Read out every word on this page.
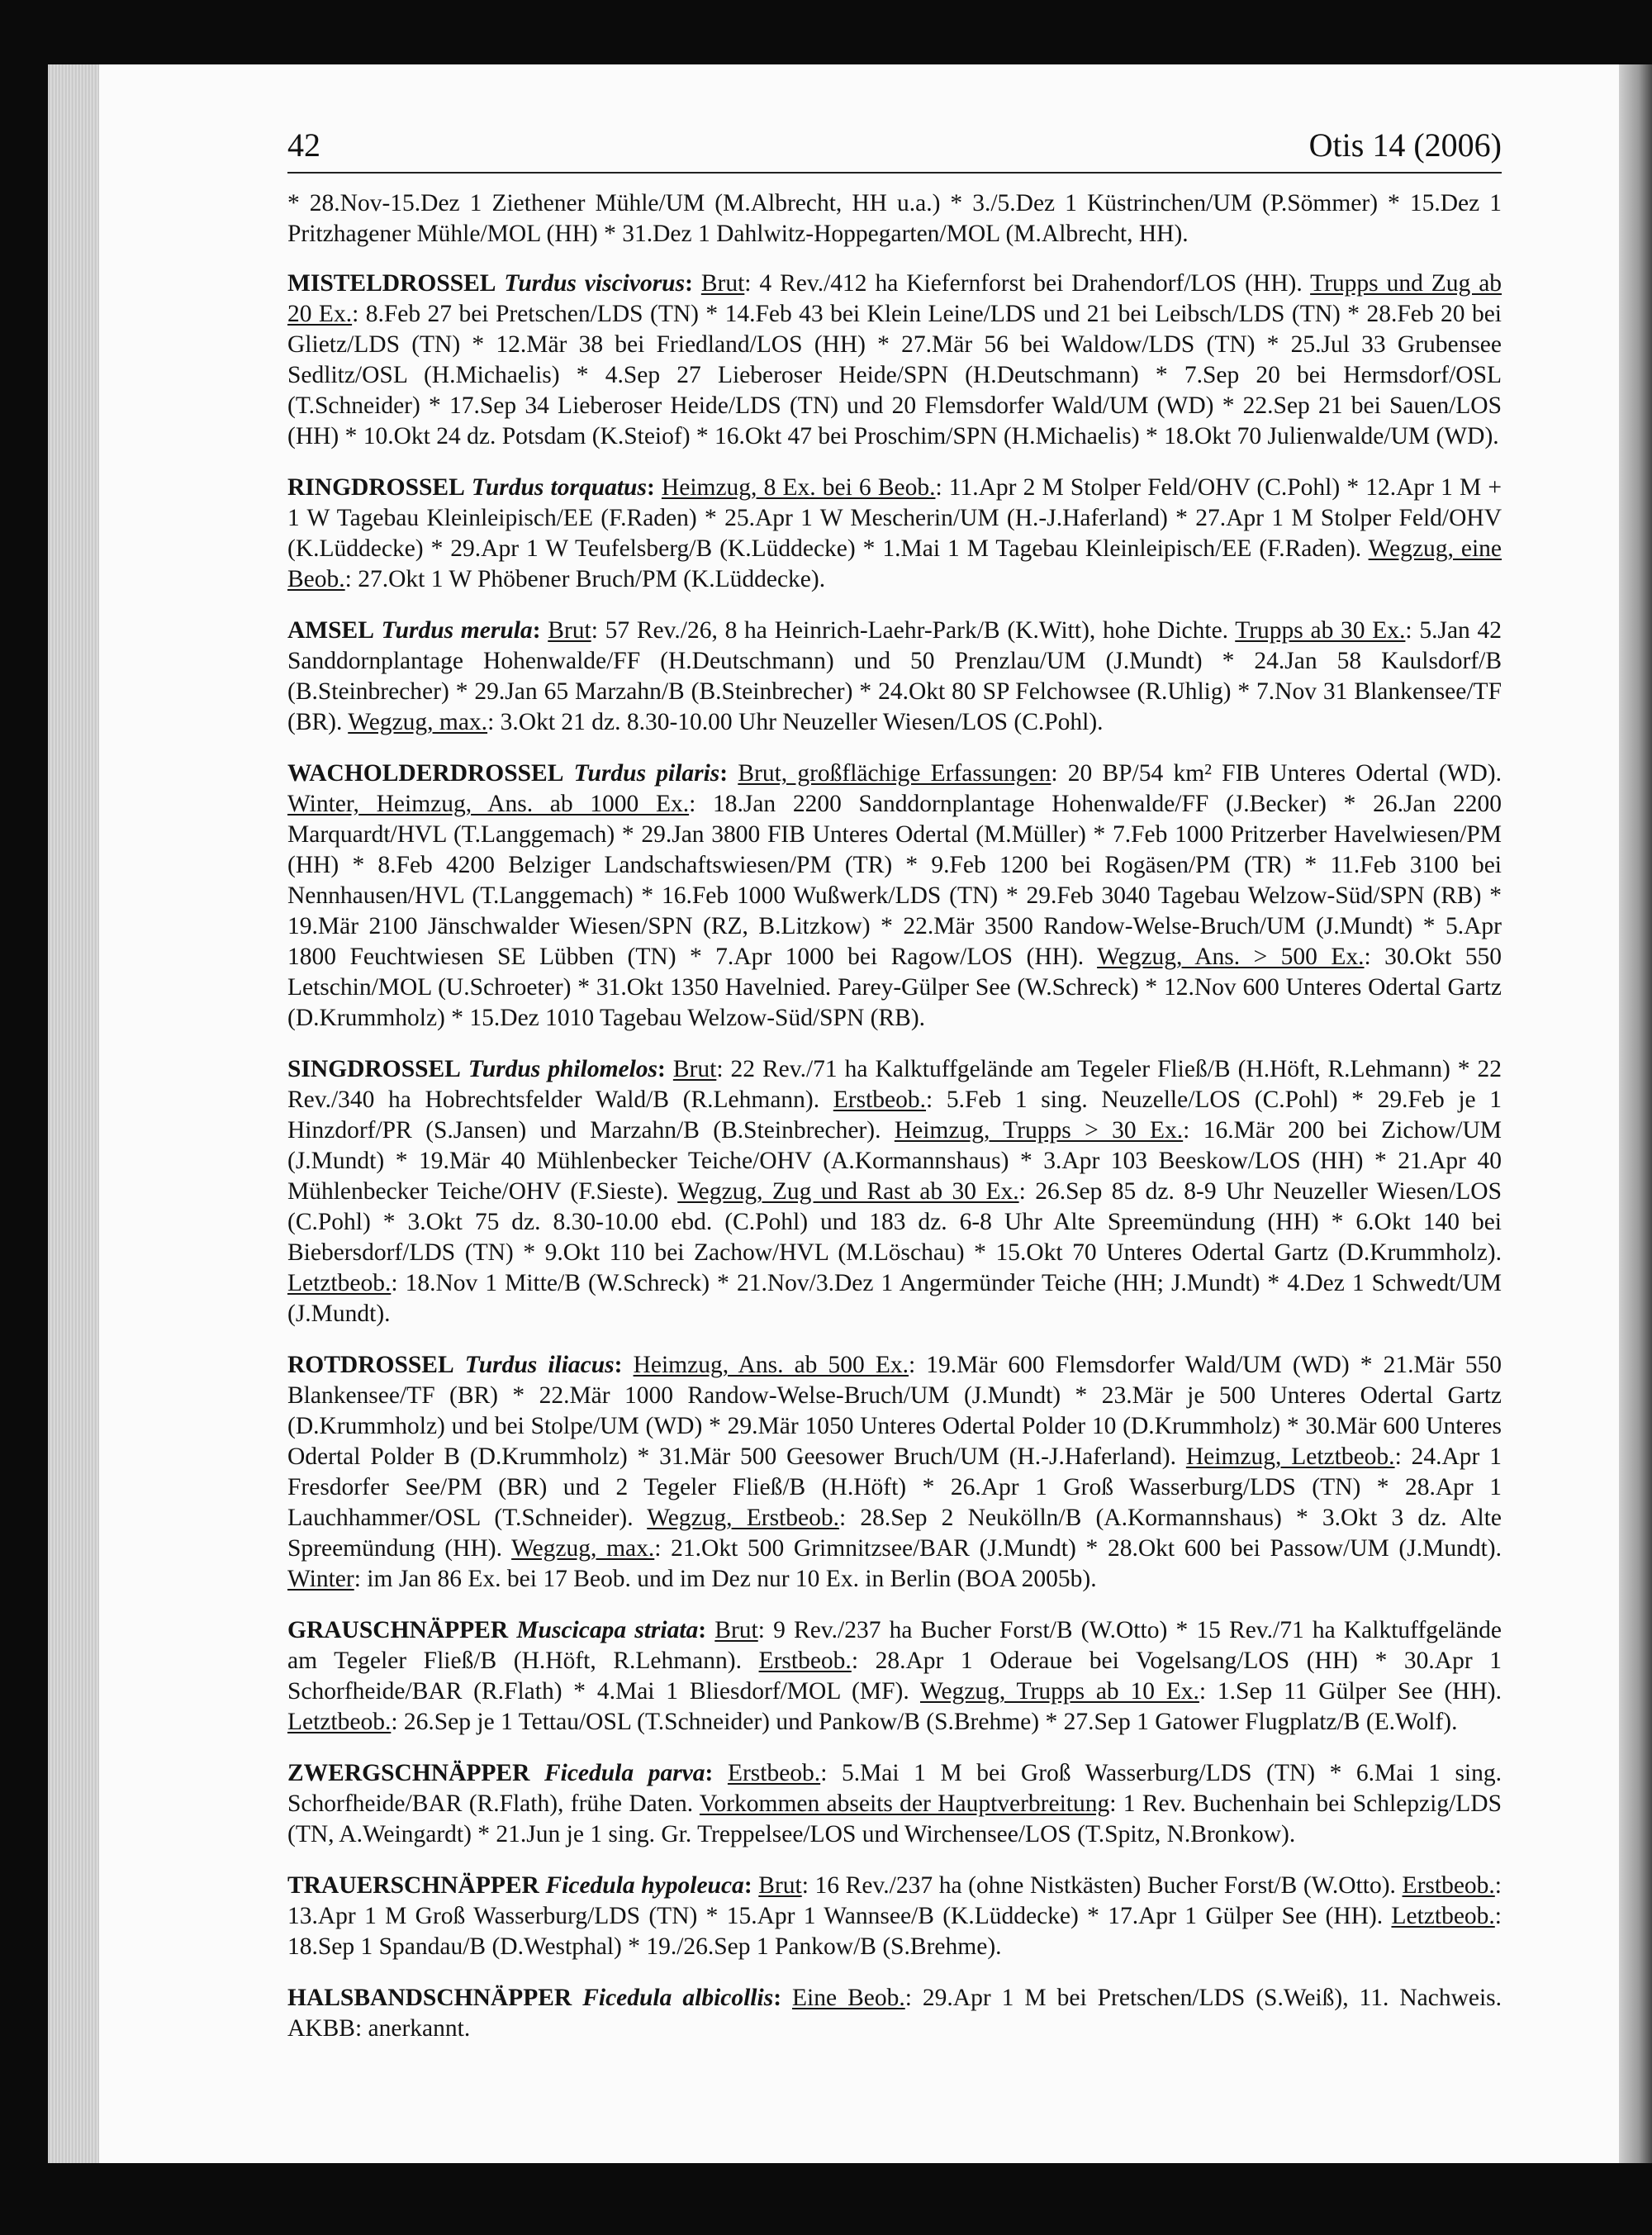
42	Otis 14 (2006)

* 28.Nov-15.Dez 1 Ziethener Mühle/UM (M.Albrecht, HH u.a.) * 3./5.Dez 1 Küstrinchen/UM (P.Sömmer) * 15.Dez 1 Pritzhagener Mühle/MOL (HH) * 31.Dez 1 Dahlwitz-Hoppegarten/MOL (M.Albrecht, HH).

MISTELDROSSEL Turdus viscivorus: Brut: 4 Rev./412 ha Kiefernforst bei Drahendorf/LOS (HH). Trupps und Zug ab 20 Ex.: 8.Feb 27 bei Pretschen/LDS (TN) * 14.Feb 43 bei Klein Leine/LDS und 21 bei Leibsch/LDS (TN) * 28.Feb 20 bei Glietz/LDS (TN) * 12.Mär 38 bei Friedland/LOS (HH) * 27.Mär 56 bei Waldow/LDS (TN) * 25.Jul 33 Grubensee Sedlitz/OSL (H.Michaelis) * 4.Sep 27 Lieberoser Heide/SPN (H.Deutschmann) * 7.Sep 20 bei Hermsdorf/OSL (T.Schneider) * 17.Sep 34 Lieberoser Heide/LDS (TN) und 20 Flemsdorfer Wald/UM (WD) * 22.Sep 21 bei Sauen/LOS (HH) * 10.Okt 24 dz. Potsdam (K.Steiof) * 16.Okt 47 bei Proschim/SPN (H.Michaelis) * 18.Okt 70 Julienwalde/UM (WD).

RINGDROSSEL Turdus torquatus: Heimzug, 8 Ex. bei 6 Beob.: 11.Apr 2 M Stolper Feld/OHV (C.Pohl) * 12.Apr 1 M + 1 W Tagebau Kleinleipisch/EE (F.Raden) * 25.Apr 1 W Mescherin/UM (H.-J.Haferland) * 27.Apr 1 M Stolper Feld/OHV (K.Lüddecke) * 29.Apr 1 W Teufelsberg/B (K.Lüddecke) * 1.Mai 1 M Tagebau Kleinleipisch/EE (F.Raden). Wegzug, eine Beob.: 27.Okt 1 W Phöbener Bruch/PM (K.Lüddecke).

AMSEL Turdus merula: Brut: 57 Rev./26, 8 ha Heinrich-Laehr-Park/B (K.Witt), hohe Dichte. Trupps ab 30 Ex.: 5.Jan 42 Sanddornplantage Hohenwalde/FF (H.Deutschmann) und 50 Prenzlau/UM (J.Mundt) * 24.Jan 58 Kaulsdorf/B (B.Steinbrecher) * 29.Jan 65 Marzahn/B (B.Steinbrecher) * 24.Okt 80 SP Felchowsee (R.Uhlig) * 7.Nov 31 Blankensee/TF (BR). Wegzug, max.: 3.Okt 21 dz. 8.30-10.00 Uhr Neuzeller Wiesen/LOS (C.Pohl).

WACHOLDERDROSSEL Turdus pilaris: Brut, großflächige Erfassungen: 20 BP/54 km² FIB Unteres Odertal (WD). Winter, Heimzug, Ans. ab 1000 Ex.: 18.Jan 2200 Sanddornplantage Hohenwalde/FF (J.Becker) * 26.Jan 2200 Marquardt/HVL (T.Langgemach) * 29.Jan 3800 FIB Unteres Odertal (M.Müller) * 7.Feb 1000 Pritzerber Havelwiesen/PM (HH) * 8.Feb 4200 Belziger Landschaftswiesen/PM (TR) * 9.Feb 1200 bei Rogäsen/PM (TR) * 11.Feb 3100 bei Nennhausen/HVL (T.Langgemach) * 16.Feb 1000 Wußwerk/LDS (TN) * 29.Feb 3040 Tagebau Welzow-Süd/SPN (RB) * 19.Mär 2100 Jänschwalder Wiesen/SPN (RZ, B.Litzkow) * 22.Mär 3500 Randow-Welse-Bruch/UM (J.Mundt) * 5.Apr 1800 Feuchtwiesen SE Lübben (TN) * 7.Apr 1000 bei Ragow/LOS (HH). Wegzug, Ans. > 500 Ex.: 30.Okt 550 Letschin/MOL (U.Schroeter) * 31.Okt 1350 Havelnied. Parey-Gülper See (W.Schreck) * 12.Nov 600 Unteres Odertal Gartz (D.Krummholz) * 15.Dez 1010 Tagebau Welzow-Süd/SPN (RB).

SINGDROSSEL Turdus philomelos: Brut: 22 Rev./71 ha Kalktuffgelände am Tegeler Fließ/B (H.Höft, R.Lehmann) * 22 Rev./340 ha Hobrechtsfelder Wald/B (R.Lehmann). Erstbeob.: 5.Feb 1 sing. Neuzelle/LOS (C.Pohl) * 29.Feb je 1 Hinzdorf/PR (S.Jansen) und Marzahn/B (B.Steinbrecher). Heimzug, Trupps > 30 Ex.: 16.Mär 200 bei Zichow/UM (J.Mundt) * 19.Mär 40 Mühlenbecker Teiche/OHV (A.Kormannshaus) * 3.Apr 103 Beeskow/LOS (HH) * 21.Apr 40 Mühlenbecker Teiche/OHV (F.Sieste). Wegzug, Zug und Rast ab 30 Ex.: 26.Sep 85 dz. 8-9 Uhr Neuzeller Wiesen/LOS (C.Pohl) * 3.Okt 75 dz. 8.30-10.00 ebd. (C.Pohl) und 183 dz. 6-8 Uhr Alte Spreemündung (HH) * 6.Okt 140 bei Biebersdorf/LDS (TN) * 9.Okt 110 bei Zachow/HVL (M.Löschau) * 15.Okt 70 Unteres Odertal Gartz (D.Krummholz). Letztbeob.: 18.Nov 1 Mitte/B (W.Schreck) * 21.Nov/3.Dez 1 Angermünder Teiche (HH; J.Mundt) * 4.Dez 1 Schwedt/UM (J.Mundt).

ROTDROSSEL Turdus iliacus: Heimzug, Ans. ab 500 Ex.: 19.Mär 600 Flemsdorfer Wald/UM (WD) * 21.Mär 550 Blankensee/TF (BR) * 22.Mär 1000 Randow-Welse-Bruch/UM (J.Mundt) * 23.Mär je 500 Unteres Odertal Gartz (D.Krummholz) und bei Stolpe/UM (WD) * 29.Mär 1050 Unteres Odertal Polder 10 (D.Krummholz) * 30.Mär 600 Unteres Odertal Polder B (D.Krummholz) * 31.Mär 500 Geesower Bruch/UM (H.-J.Haferland). Heimzug, Letztbeob.: 24.Apr 1 Fresdorfer See/PM (BR) und 2 Tegeler Fließ/B (H.Höft) * 26.Apr 1 Groß Wasserburg/LDS (TN) * 28.Apr 1 Lauchhammer/OSL (T.Schneider). Wegzug, Erstbeob.: 28.Sep 2 Neukölln/B (A.Kormannshaus) * 3.Okt 3 dz. Alte Spreemündung (HH). Wegzug, max.: 21.Okt 500 Grimnitzsee/BAR (J.Mundt) * 28.Okt 600 bei Passow/UM (J.Mundt). Winter: im Jan 86 Ex. bei 17 Beob. und im Dez nur 10 Ex. in Berlin (BOA 2005b).

GRAUSCHNÄPPER Muscicapa striata: Brut: 9 Rev./237 ha Bucher Forst/B (W.Otto) * 15 Rev./71 ha Kalktuffgelände am Tegeler Fließ/B (H.Höft, R.Lehmann). Erstbeob.: 28.Apr 1 Oderaue bei Vogelsang/LOS (HH) * 30.Apr 1 Schorfheide/BAR (R.Flath) * 4.Mai 1 Bliesdorf/MOL (MF). Wegzug, Trupps ab 10 Ex.: 1.Sep 11 Gülper See (HH). Letztbeob.: 26.Sep je 1 Tettau/OSL (T.Schneider) und Pankow/B (S.Brehme) * 27.Sep 1 Gatower Flugplatz/B (E.Wolf).

ZWERGSCHNÄPPER Ficedula parva: Erstbeob.: 5.Mai 1 M bei Groß Wasserburg/LDS (TN) * 6.Mai 1 sing. Schorfheide/BAR (R.Flath), frühe Daten. Vorkommen abseits der Hauptverbreitung: 1 Rev. Buchenhain bei Schlepzig/LDS (TN, A.Weingardt) * 21.Jun je 1 sing. Gr. Treppelsee/LOS und Wirchensee/LOS (T.Spitz, N.Bronkow).

TRAUERSCHNÄPPER Ficedula hypoleuca: Brut: 16 Rev./237 ha (ohne Nistkästen) Bucher Forst/B (W.Otto). Erstbeob.: 13.Apr 1 M Groß Wasserburg/LDS (TN) * 15.Apr 1 Wannsee/B (K.Lüddecke) * 17.Apr 1 Gülper See (HH). Letztbeob.: 18.Sep 1 Spandau/B (D.Westphal) * 19./26.Sep 1 Pankow/B (S.Brehme).

HALSBANDSCHNÄPPER Ficedula albicollis: Eine Beob.: 29.Apr 1 M bei Pretschen/LDS (S.Weiß), 11. Nachweis. AKBB: anerkannt.
